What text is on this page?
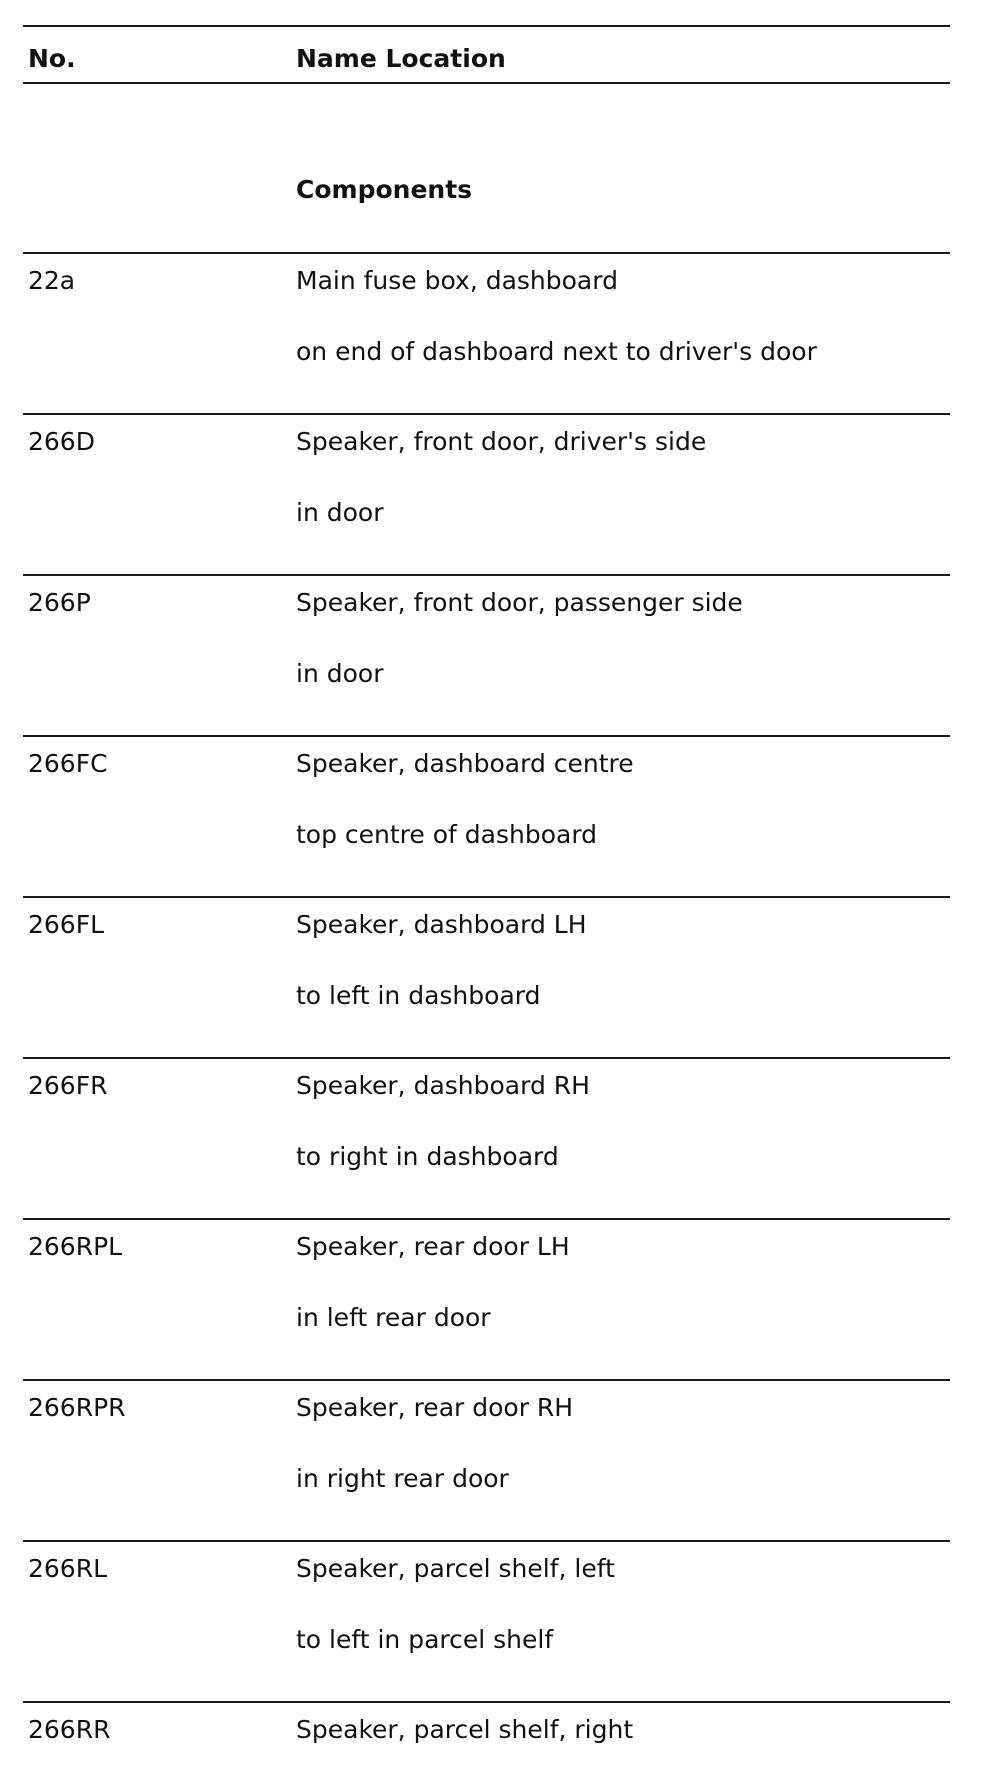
No.	Name Location
Components
22a	Main fuse box, dashboard
on end of dashboard next to driver's door
266D	Speaker, front door, driver's side
in door
266P	Speaker, front door, passenger side
in door
266FC	Speaker, dashboard centre
top centre of dashboard
266FL	Speaker, dashboard LH
to left in dashboard
266FR	Speaker, dashboard RH
to right in dashboard
266RPL	Speaker, rear door LH
in left rear door
266RPR	Speaker, rear door RH
in right rear door
266RL	Speaker, parcel shelf, left
to left in parcel shelf
266RR	Speaker, parcel shelf, right
